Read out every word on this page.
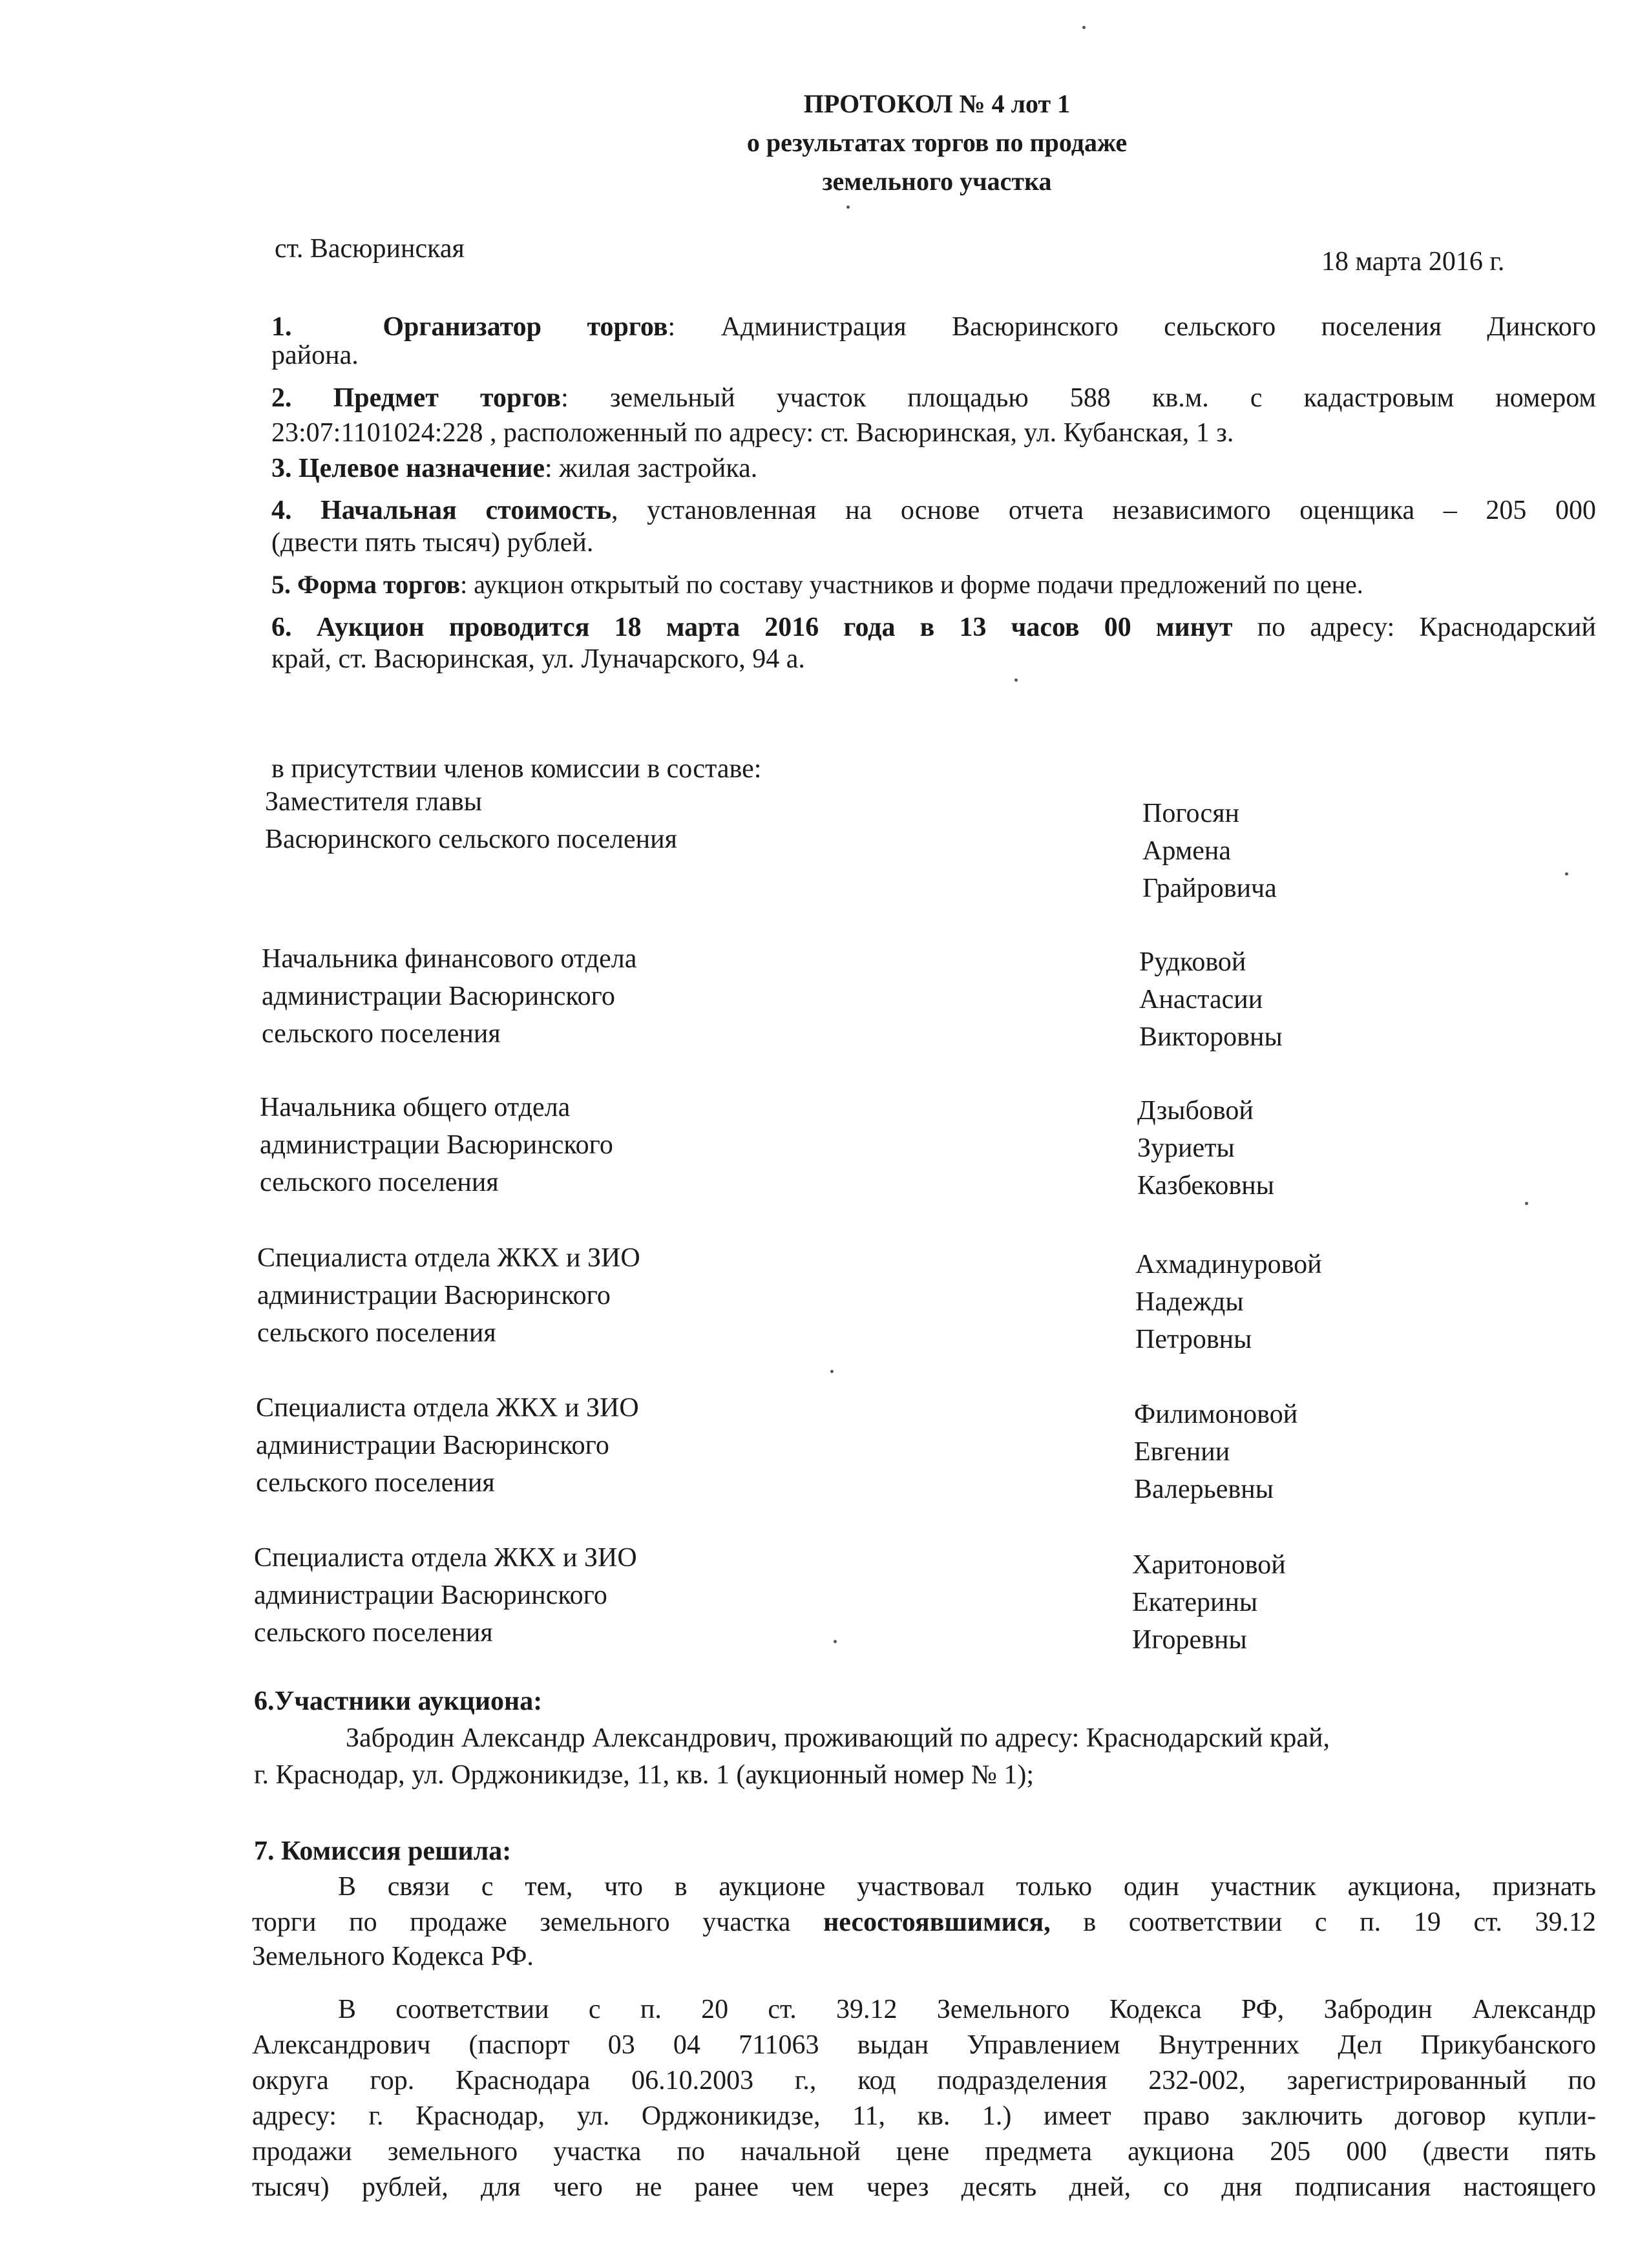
ПРОТОКОЛ № 4 лот 1
о результатах торгов по продаже
земельного участка
ст. Васюринская	18 марта 2016 г.
1.	Организатор торгов: Администрация Васюринского сельского поселения Динского
района.
2. Предмет торгов: земельный участок площадью 588 кв.м. с кадастровым номером
23:07:1101024:228 , расположенный по адресу: ст. Васюринская, ул. Кубанская, 1 з.
3. Целевое назначение: жилая застройка.
4. Начальная стоимость, установленная на основе отчета независимого оценщика – 205 000
(двести пять тысяч) рублей.
5. Форма торгов: аукцион открытый по составу участников и форме подачи предложений по цене.
6. Аукцион проводится 18 марта 2016 года в 13 часов 00 минут по адресу: Краснодарский
край, ст. Васюринская, ул. Луначарского, 94 а.
в присутствии членов комиссии в составе:
Заместителя главы
Васюринского сельского поселения
Погосян
Армена
Грайровича
Начальника финансового отдела
администрации Васюринского
сельского поселения
Рудковой
Анастасии
Викторовны
Начальника общего отдела
администрации Васюринского
сельского поселения
Дзыбовой
Зуриеты
Казбековны
Специалиста отдела ЖКХ и ЗИО
администрации Васюринского
сельского поселения
Ахмадинуровой
Надежды
Петровны
Специалиста отдела ЖКХ и ЗИО
администрации Васюринского
сельского поселения
Филимоновой
Евгении
Валерьевны
Специалиста отдела ЖКХ и ЗИО
администрации Васюринского
сельского поселения
Харитоновой
Екатерины
Игоревны
6.Участники аукциона:
Забродин Александр Александрович, проживающий по адресу: Краснодарский край,
г. Краснодар, ул. Орджоникидзе, 11, кв. 1 (аукционный номер № 1);
7. Комиссия решила:
В связи с тем, что в аукционе участвовал только один участник аукциона, признать
торги по продаже земельного участка несостоявшимися, в соответствии с п. 19 ст. 39.12
Земельного Кодекса РФ.
В соответствии с п. 20 ст. 39.12 Земельного Кодекса РФ, Забродин Александр
Александрович (паспорт 03 04 711063 выдан Управлением Внутренних Дел Прикубанского
округа гор. Краснодара 06.10.2003 г., код подразделения 232-002, зарегистрированный по
адресу: г. Краснодар, ул. Орджоникидзе, 11, кв. 1.) имеет право заключить договор купли-
продажи земельного участка по начальной цене предмета аукциона 205 000 (двести пять
тысяч) рублей, для чего не ранее чем через десять дней, со дня подписания настоящего
